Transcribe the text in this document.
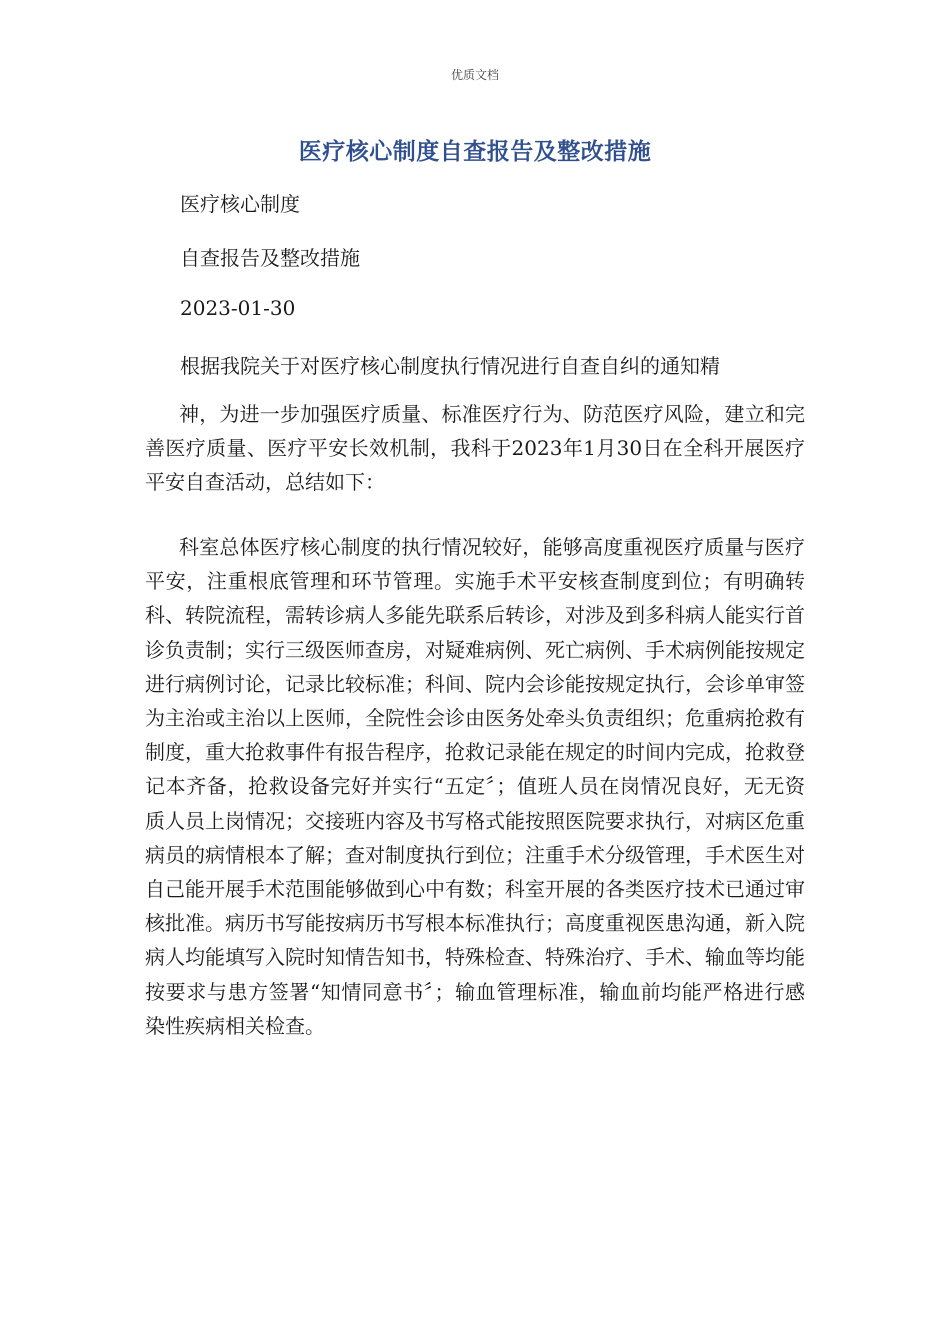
优质文档
医疗核心制度自查报告及整改措施
医疗核心制度
自查报告及整改措施
2023-01-30
根据我院关于对医疗核心制度执行情况进行自查自纠的通知精

神，为进一步加强医疗质量、标准医疗行为、防范医疗风险，建立和完善医疗质量、医疗平安长效机制，我科于2023年1月30日在全科开展医疗平安自查活动，总结如下：

科室总体医疗核心制度的执行情况较好，能够高度重视医疗质量与医疗平安，注重根底管理和环节管理。实施手术平安核查制度到位；有明确转科、转院流程，需转诊病人多能先联系后转诊，对涉及到多科病人能实行首诊负责制；实行三级医师查房，对疑难病例、死亡病例、手术病例能按规定进行病例讨论，记录比较标准；科间、院内会诊能按规定执行，会诊单审签为主治或主治以上医师，全院性会诊由医务处牵头负责组织；危重病抢救有制度，重大抢救事件有报告程序，抢救记录能在规定的时间内完成，抢救登记本齐备，抢救设备完好并实行“五定〞；值班人员在岗情况良好，无无资质人员上岗情况；交接班内容及书写格式能按照医院要求执行，对病区危重病员的病情根本了解；查对制度执行到位；注重手术分级管理，手术医生对自己能开展手术范围能够做到心中有数；科室开展的各类医疗技术已通过审核批准。病历书写能按病历书写根本标准执行；高度重视医患沟通，新入院病人均能填写入院时知情告知书，特殊检查、特殊治疗、手术、输血等均能按要求与患方签署“知情同意书〞；输血管理标准，输血前均能严格进行感染性疾病相关检查。
